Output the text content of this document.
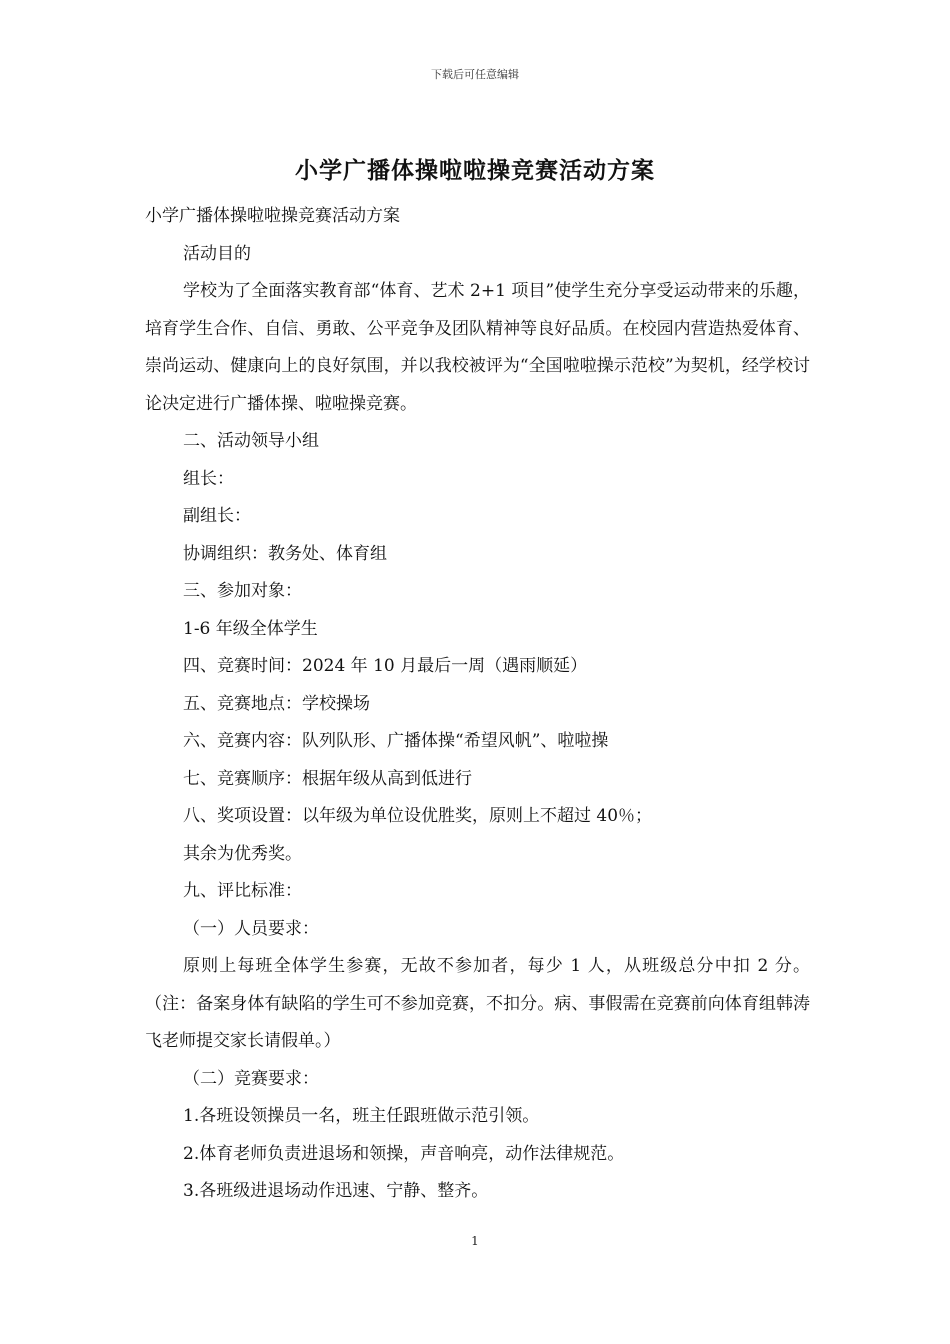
下载后可任意编辑
小学广播体操啦啦操竞赛活动方案

小学广播体操啦啦操竞赛活动方案

活动目的

学校为了全面落实教育部“体育、艺术 2+1 项目”使学生充分享受运动带来的乐趣，培育学生合作、自信、勇敢、公平竞争及团队精神等良好品质。在校园内营造热爱体育、崇尚运动、健康向上的良好氛围，并以我校被评为“全国啦啦操示范校”为契机，经学校讨论决定进行广播体操、啦啦操竞赛。

二、活动领导小组

组长：

副组长：

协调组织：教务处、体育组

三、参加对象：

1-6 年级全体学生

四、竞赛时间：2024 年 10 月最后一周（遇雨顺延）

五、竞赛地点：学校操场

六、竞赛内容：队列队形、广播体操“希望风帆”、啦啦操

七、竞赛顺序：根据年级从高到低进行

八、奖项设置：以年级为单位设优胜奖，原则上不超过 40％；

其余为优秀奖。

九、评比标准：

（一）人员要求：

原则上每班全体学生参赛，无故不参加者，每少 1 人，从班级总分中扣 2 分。（注：备案身体有缺陷的学生可不参加竞赛，不扣分。病、事假需在竞赛前向体育组韩涛飞老师提交家长请假单。）

（二）竞赛要求：

1.各班设领操员一名，班主任跟班做示范引领。

2.体育老师负责进退场和领操，声音响亮，动作法律规范。

3.各班级进退场动作迅速、宁静、整齐。

1
